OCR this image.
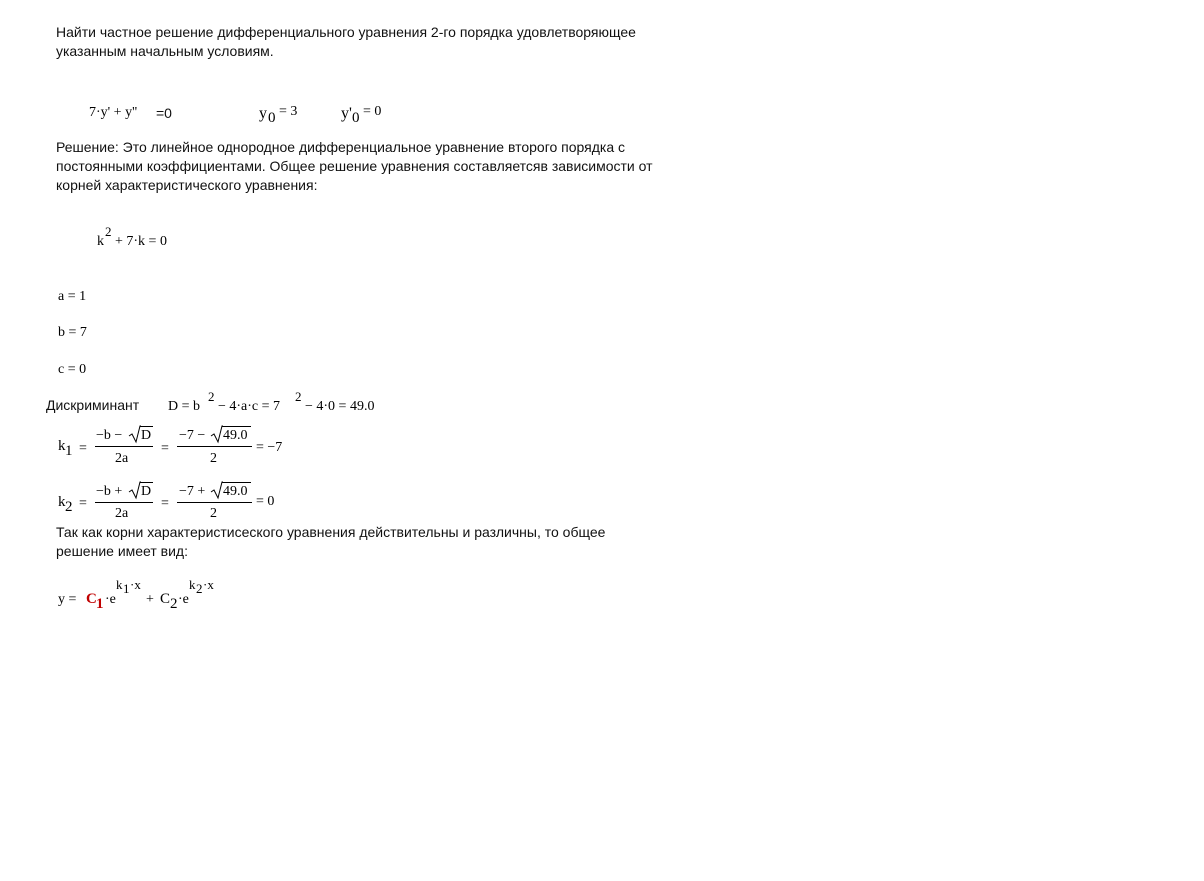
Найти частное решение дифференциального уравнения 2-го порядка удовлетворяющее
указанным начальным условиям.
7·y' + y'' =0	y 0 = 3	y' 0 = 0
Решение: Это линейное однородное дифференциальное уравнение второго порядка с
постоянными коэффициентами. Общее решение уравнения составляетсяв зависимости от
корней характеристического уравнения:
k
2
+ 7·k = 0
a = 1
b = 7
c = 0
Дискриминант D = b
2
− 4·a·c = 7
2
− 4·0 = 49.0
k 1 =
−b − D
2a
=
−7 − 49.0
2
= −7
k 2 =
−b + D
2a
=
−7 + 49.0
2
= 0
Так как корни характеристисеского уравнения действительны и различны, то общее
решение имеет вид:
y = C 1 ·e
k 1 ·x
+ C 2 ·e
k 2 ·x
